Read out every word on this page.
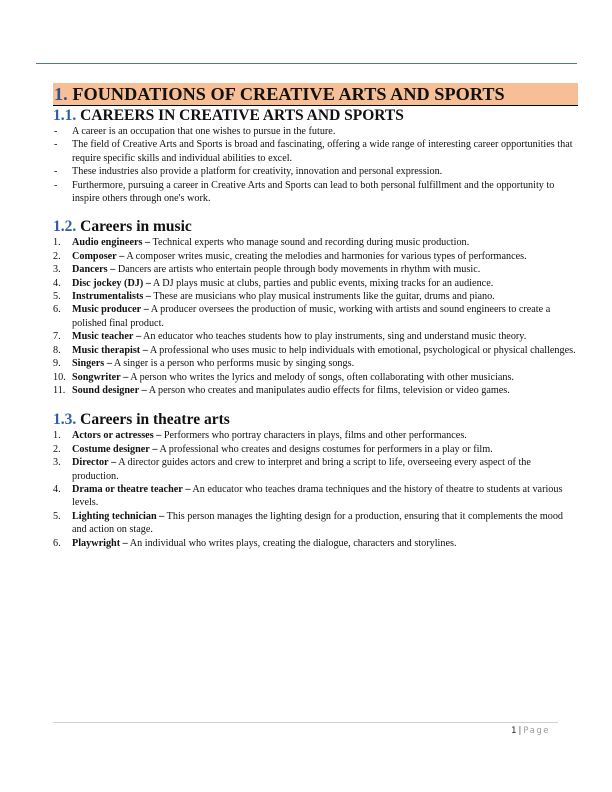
1. FOUNDATIONS OF CREATIVE ARTS AND SPORTS
1.1. CAREERS IN CREATIVE ARTS AND SPORTS
- A career is an occupation that one wishes to pursue in the future.
- The field of Creative Arts and Sports is broad and fascinating, offering a wide range of interesting career opportunities that require specific skills and individual abilities to excel.
- These industries also provide a platform for creativity, innovation and personal expression.
- Furthermore, pursuing a career in Creative Arts and Sports can lead to both personal fulfillment and the opportunity to inspire others through one's work.
1.2. Careers in music
1.	Audio engineers – Technical experts who manage sound and recording during music production.
2.	Composer – A composer writes music, creating the melodies and harmonies for various types of performances.
3.	Dancers – Dancers are artists who entertain people through body movements in rhythm with music.
4.	Disc jockey (DJ) – A DJ plays music at clubs, parties and public events, mixing tracks for an audience.
5.	Instrumentalists – These are musicians who play musical instruments like the guitar, drums and piano.
6.	Music producer – A producer oversees the production of music, working with artists and sound engineers to create a polished final product.
7.	Music teacher – An educator who teaches students how to play instruments, sing and understand music theory.
8.	Music therapist – A professional who uses music to help individuals with emotional, psychological or physical challenges.
9.	Singers – A singer is a person who performs music by singing songs.
10. Songwriter – A person who writes the lyrics and melody of songs, often collaborating with other musicians.
11. Sound designer – A person who creates and manipulates audio effects for films, television or video games.
1.3. Careers in theatre arts
1.	Actors or actresses – Performers who portray characters in plays, films and other performances.
2.	Costume designer – A professional who creates and designs costumes for performers in a play or film.
3.	Director – A director guides actors and crew to interpret and bring a script to life, overseeing every aspect of the production.
4.	Drama or theatre teacher – An educator who teaches drama techniques and the history of theatre to students at various levels.
5.	Lighting technician – This person manages the lighting design for a production, ensuring that it complements the mood and action on stage.
6.	Playwright – An individual who writes plays, creating the dialogue, characters and storylines.
1 | Page
